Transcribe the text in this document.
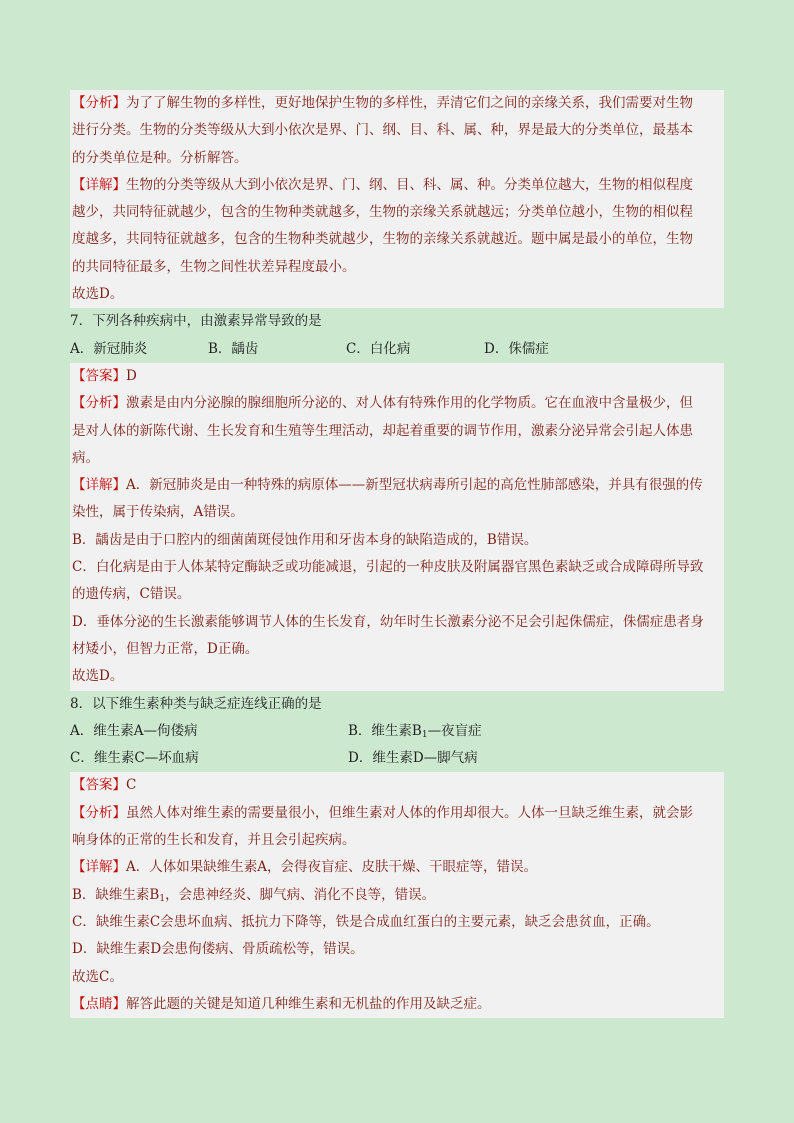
【分析】为了了解生物的多样性，更好地保护生物的多样性，弄清它们之间的亲缘关系，我们需要对生物
进行分类。生物的分类等级从大到小依次是界、门、纲、目、科、属、种，界是最大的分类单位，最基本
的分类单位是种。分析解答。
【详解】生物的分类等级从大到小依次是界、门、纲、目、科、属、种。分类单位越大，生物的相似程度
越少，共同特征就越少，包含的生物种类就越多，生物的亲缘关系就越远；分类单位越小，生物的相似程
度越多，共同特征就越多，包含的生物种类就越少，生物的亲缘关系就越近。题中属是最小的单位，生物
的共同特征最多，生物之间性状差异程度最小。
故选D。
7．下列各种疾病中，由激素异常导致的是
A．新冠肺炎	B．龋齿	C．白化病	D．侏儒症
【答案】D
【分析】激素是由内分泌腺的腺细胞所分泌的、对人体有特殊作用的化学物质。它在血液中含量极少，但
是对人体的新陈代谢、生长发育和生殖等生理活动，却起着重要的调节作用，激素分泌异常会引起人体患
病。
【详解】A．新冠肺炎是由一种特殊的病原体——新型冠状病毒所引起的高危性肺部感染，并具有很强的传
染性，属于传染病，A错误。
B．龋齿是由于口腔内的细菌菌斑侵蚀作用和牙齿本身的缺陷造成的，B错误。
C．白化病是由于人体某特定酶缺乏或功能减退，引起的一种皮肤及附属器官黑色素缺乏或合成障碍所导致
的遗传病，C错误。
D．垂体分泌的生长激素能够调节人体的生长发育，幼年时生长激素分泌不足会引起侏儒症，侏儒症患者身
材矮小，但智力正常，D正确。
故选D。
8．以下维生素种类与缺乏症连线正确的是
A．维生素A—佝偻病	B．维生素$B_1—$夜盲症
C．维生素C—坏血病	D．维生素D—脚气病
【答案】C
【分析】虽然人体对维生素的需要量很小，但维生素对人体的作用却很大。人体一旦缺乏维生素，就会影
响身体的正常的生长和发育，并且会引起疾病。
【详解】A．人体如果缺维生素A，会得夜盲症、皮肤干燥、干眼症等，错误。
B．缺维生素$B_1$，会患神经炎、脚气病、消化不良等，错误。
C．缺维生素C会患坏血病、抵抗力下降等，铁是合成血红蛋白的主要元素，缺乏会患贫血，正确。
D．缺维生素D会患佝偻病、骨质疏松等，错误。
故选C。
【点睛】解答此题的关键是知道几种维生素和无机盐的作用及缺乏症。
